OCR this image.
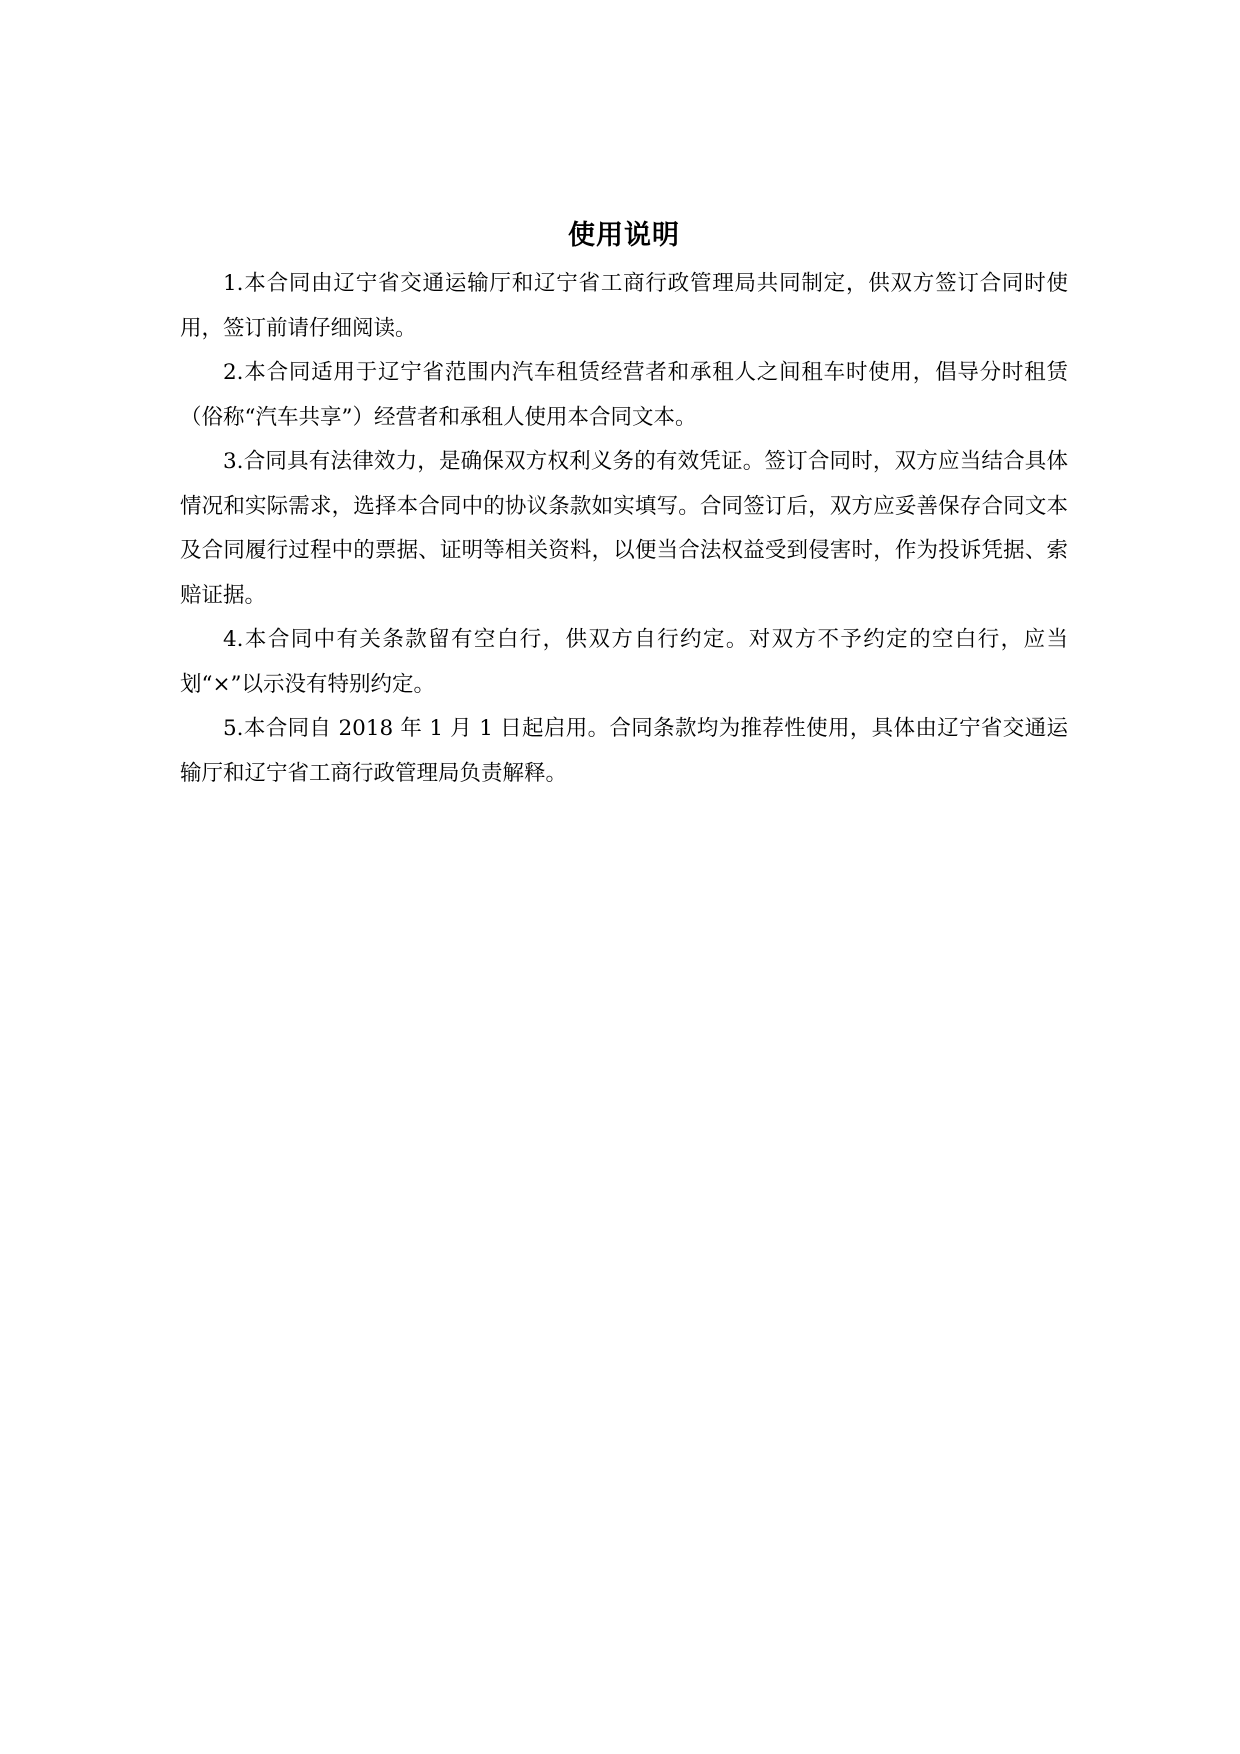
使用说明

1.本合同由辽宁省交通运输厅和辽宁省工商行政管理局共同制定，供双方签订合同时使用，签订前请仔细阅读。

2.本合同适用于辽宁省范围内汽车租赁经营者和承租人之间租车时使用，倡导分时租赁（俗称“汽车共享”）经营者和承租人使用本合同文本。

3.合同具有法律效力，是确保双方权利义务的有效凭证。签订合同时，双方应当结合具体情况和实际需求，选择本合同中的协议条款如实填写。合同签订后，双方应妥善保存合同文本及合同履行过程中的票据、证明等相关资料，以便当合法权益受到侵害时，作为投诉凭据、索赔证据。

4.本合同中有关条款留有空白行，供双方自行约定。对双方不予约定的空白行，应当划“×”以示没有特别约定。

5.本合同自 2018 年 1 月 1 日起启用。合同条款均为推荐性使用，具体由辽宁省交通运输厅和辽宁省工商行政管理局负责解释。
